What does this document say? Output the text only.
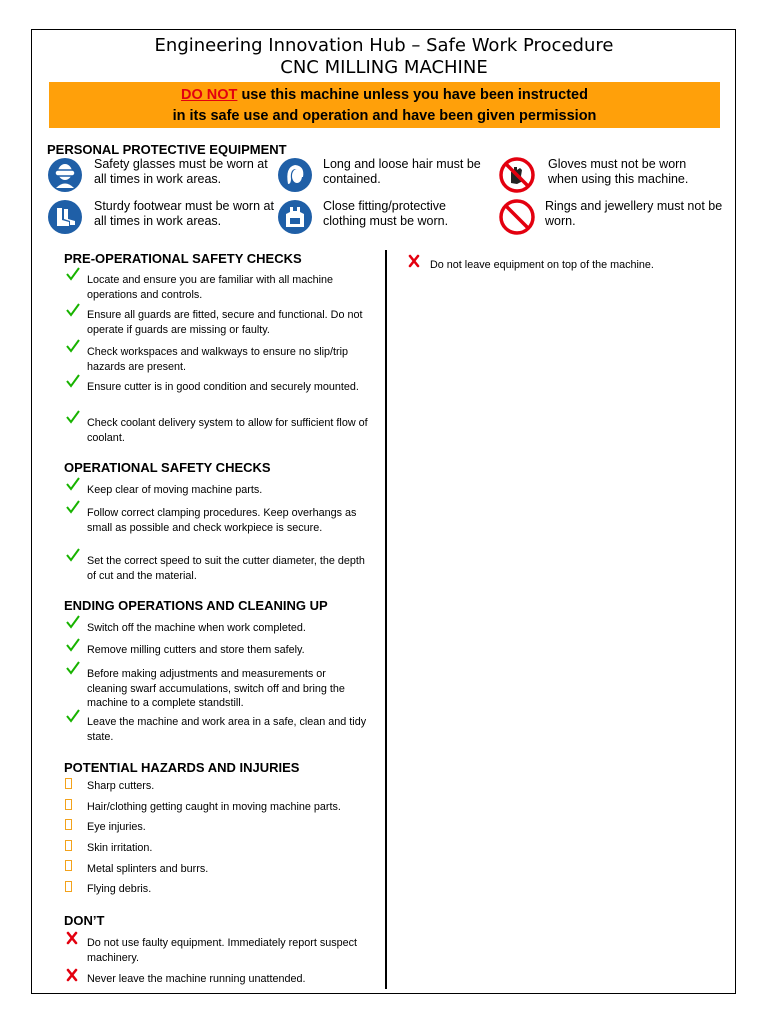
Engineering Innovation Hub – Safe Work Procedure
CNC MILLING MACHINE
DO NOT use this machine unless you have been instructed
in its safe use and operation and have been given permission
PERSONAL PROTECTIVE EQUIPMENT
Safety glasses must be worn at all times in work areas.
Long and loose hair must be contained.
Gloves must not be worn when using this machine.
Sturdy footwear must be worn at all times in work areas.
Close fitting/protective clothing must be worn.
Rings and jewellery must not be worn.
PRE-OPERATIONAL SAFETY CHECKS
Locate and ensure you are familiar with all machine operations and controls.
Ensure all guards are fitted, secure and functional. Do not operate if guards are missing or faulty.
Check workspaces and walkways to ensure no slip/trip hazards are present.
Ensure cutter is in good condition and securely mounted.
Check coolant delivery system to allow for sufficient flow of coolant.
OPERATIONAL SAFETY CHECKS
Keep clear of moving machine parts.
Follow correct clamping procedures. Keep overhangs as small as possible and check workpiece is secure.
Set the correct speed to suit the cutter diameter, the depth of cut and the material.
ENDING OPERATIONS AND CLEANING UP
Switch off the machine when work completed.
Remove milling cutters and store them safely.
Before making adjustments and measurements or cleaning swarf accumulations, switch off and bring the machine to a complete standstill.
Leave the machine and work area in a safe, clean and tidy state.
POTENTIAL HAZARDS AND INJURIES
Sharp cutters.
Hair/clothing getting caught in moving machine parts.
Eye injuries.
Skin irritation.
Metal splinters and burrs.
Flying debris.
DON’T
Do not use faulty equipment. Immediately report suspect machinery.
Never leave the machine running unattended.
Do not leave equipment on top of the machine.
